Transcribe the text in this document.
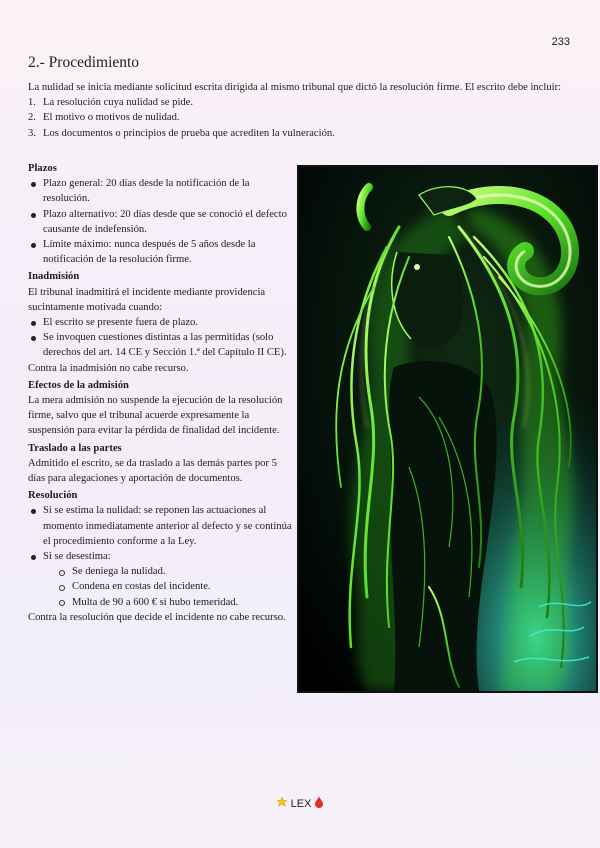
233
2.- Procedimiento

La nulidad se inicia mediante solicitud escrita dirigida al mismo tribunal que dictó la resolución firme. El escrito debe incluir:

1. La resolución cuya nulidad se pide.
2. El motivo o motivos de nulidad.
3. Los documentos o principios de prueba que acrediten la vulneración.
Plazos
Plazo general: 20 días desde la notificación de la resolución.
Plazo alternativo: 20 días desde que se conoció el defecto causante de indefensión.
Límite máximo: nunca después de 5 años desde la notificación de la resolución firme.
Inadmisión

El tribunal inadmitirá el incidente mediante providencia sucintamente motivada cuando:

El escrito se presente fuera de plazo.
Se invoquen cuestiones distintas a las permitidas (solo derechos del art. 14 CE y Sección 1.ª del Capítulo II CE).

Contra la inadmisión no cabe recurso.

Efectos de la admisión

La mera admisión no suspende la ejecución de la resolución firme, salvo que el tribunal acuerde expresamente la suspensión para evitar la pérdida de finalidad del incidente.

Traslado a las partes

Admitido el escrito, se da traslado a las demás partes por 5 días para alegaciones y aportación de documentos.

Resolución
Si se estima la nulidad: se reponen las actuaciones al momento inmediatamente anterior al defecto y se continúa el procedimiento conforme a la Ley.
Si se desestima:
Se deniega la nulidad.
Condena en costas del incidente.
Multa de 90 a 600 € si hubo temeridad.

Contra la resolución que decide el incidente no cabe recurso.

LEX
